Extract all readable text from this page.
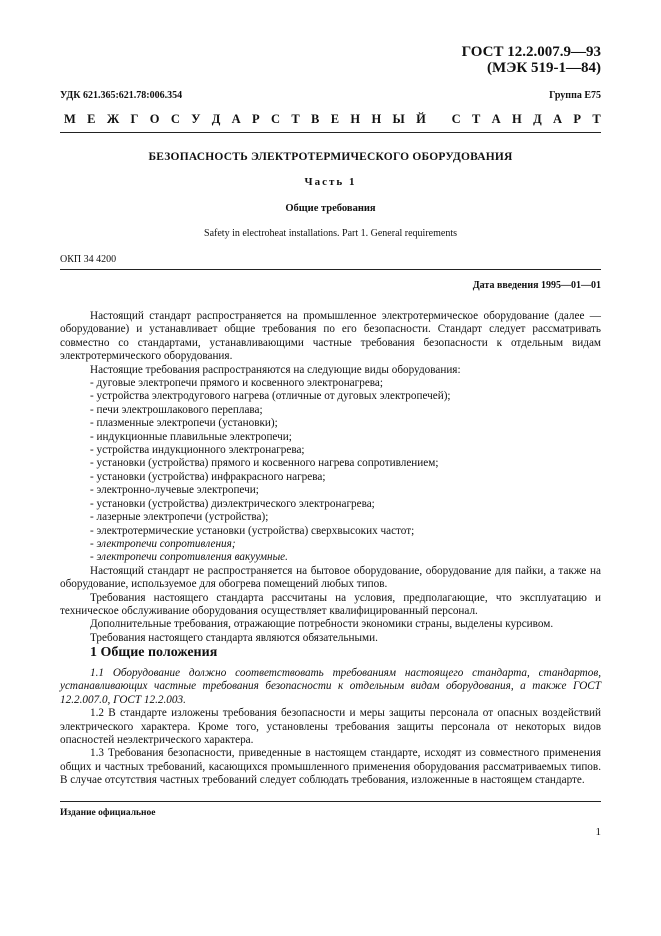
ГОСТ 12.2.007.9—93
(МЭК 519-1—84)
УДК 621.365:621.78:006.354	Группа Е75
М Е Ж Г О С У Д А Р С Т В Е Н Н Ы Й
С Т А Н Д А Р Т
БЕЗОПАСНОСТЬ ЭЛЕКТРОТЕРМИЧЕСКОГО ОБОРУДОВАНИЯ
Часть 1
Общие требования
Safety in electroheat installations. Part 1. General requirements
ОКП 34 4200
Дата введения 1995—01—01

Настоящий стандарт распространяется на промышленное электротермическое оборудование (далее — оборудование) и устанавливает общие требования по его безопасности. Стандарт следует рассматривать совместно со стандартами, устанавливающими частные требования безопасности к отдельным видам электротермического оборудования.

Настоящие требования распространяются на следующие виды оборудования:

- дуговые электропечи прямого и косвенного электронагрева;
- устройства электродугового нагрева (отличные от дуговых электропечей);
- печи электрошлакового переплава;
- плазменные электропечи (установки);
- индукционные плавильные электропечи;
- устройства индукционного электронагрева;
- установки (устройства) прямого и косвенного нагрева сопротивлением;
- установки (устройства) инфракрасного нагрева;
- электронно-лучевые электропечи;
- установки (устройства) диэлектрического электронагрева;
- лазерные электропечи (устройства);
- электротермические установки (устройства) сверхвысоких частот;
- электропечи сопротивления;
- электропечи сопротивления вакуумные.

Настоящий стандарт не распространяется на бытовое оборудование, оборудование для пайки, а также на оборудование, используемое для обогрева помещений любых типов.

Требования настоящего стандарта рассчитаны на условия, предполагающие, что эксплуатацию и техническое обслуживание оборудования осуществляет квалифицированный персонал.

Дополнительные требования, отражающие потребности экономики страны, выделены курсивом.

Требования настоящего стандарта являются обязательными.

1 Общие положения

1.1 Оборудование должно соответствовать требованиям настоящего стандарта, стандартов, устанавливающих частные требования безопасности к отдельным видам оборудования, а также ГОСТ 12.2.007.0, ГОСТ 12.2.003.

1.2 В стандарте изложены требования безопасности и меры защиты персонала от опасных воздействий электрического характера. Кроме того, установлены требования защиты персонала от некоторых видов опасностей неэлектрического характера.

1.3 Требования безопасности, приведенные в настоящем стандарте, исходят из совместного применения общих и частных требований, касающихся промышленного применения оборудования рассматриваемых типов. В случае отсутствия частных требований следует соблюдать требования, изложенные в настоящем стандарте.

Издание официальное
1
